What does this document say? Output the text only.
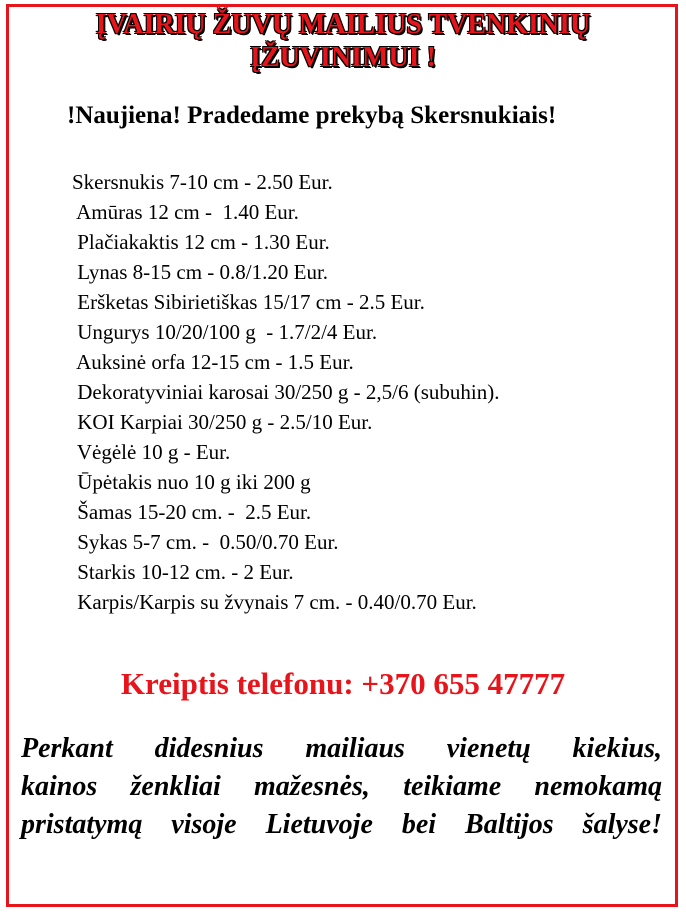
ĮVAIRIŲ ŽUVŲ MAILIUS TVENKINIŲ
ĮŽUVINIMUI !
!Naujiena! Pradedame prekybą Skersnukiais!
Skersnukis 7-10 cm - 2.50 Eur.
Amūras 12 cm -  1.40 Eur.
Plačiakaktis 12 cm - 1.30 Eur.
Lynas 8-15 cm - 0.8/1.20 Eur.
Eršketas Sibirietiškas 15/17 cm - 2.5 Eur.
Ungurys 10/20/100 g  - 1.7/2/4 Eur.
Auksinė orfa 12-15 cm - 1.5 Eur.
Dekoratyviniai karosai 30/250 g - 2,5/6 (subuhin).
KOI Karpiai 30/250 g - 2.5/10 Eur.
Vėgėlė 10 g - Eur.
Ūpėtakis nuo 10 g iki 200 g
Šamas 15-20 cm. -  2.5 Eur.
Sykas 5-7 cm. -  0.50/0.70 Eur.
Starkis 10-12 cm. - 2 Eur.
Karpis/Karpis su žvynais 7 cm. - 0.40/0.70 Eur.
Kreiptis telefonu: +370 655 47777
Perkant didesnius mailiaus vienetų kiekius,
kainos ženkliai mažesnės, teikiame nemokamą
pristatymą visoje Lietuvoje bei Baltijos šalyse!
